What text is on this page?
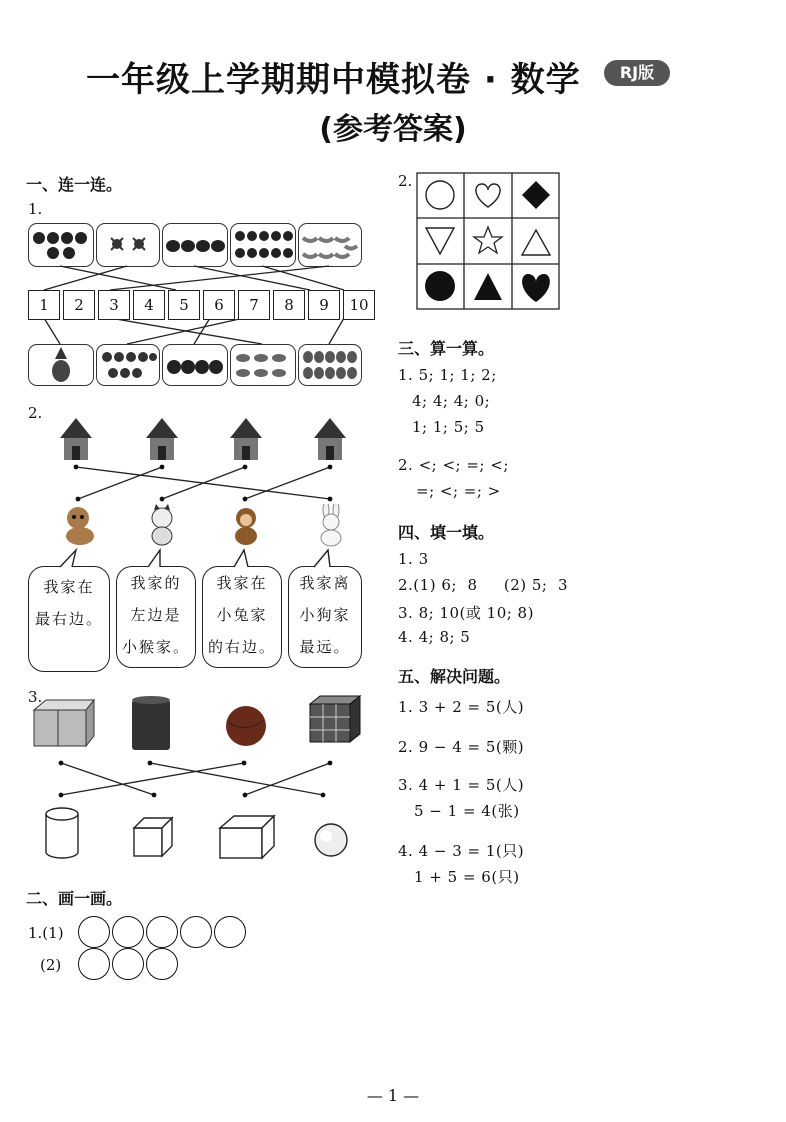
一年级上学期期中模拟卷 · 数学	RJ版
(参考答案)
一、连一连。
1.
1	2	3	4	5	6	7	8	9	10
2.
我家在
最右边。
我家的
左边是
小猴家。
我家在
小兔家
的右边。
我家离
小狗家
最远。
3.
二、画一画。
1.(1)
(2)
2.
三、算一算。
1. 5; 1; 1; 2;
4; 4; 4; 0;
1; 1; 5; 5
2. <; <; =; <;
=; <; =; >
四、填一填。
1. 3
2.(1) 6;  8     (2) 5;  3
3. 8; 10(或 10; 8)
4. 4; 8; 5
五、解决问题。
1. 3 + 2 = 5(人)
2. 9 − 4 = 5(颗)
3. 4 + 1 = 5(人)
5 − 1 = 4(张)
4. 4 − 3 = 1(只)
1 + 5 = 6(只)
— 1 —
